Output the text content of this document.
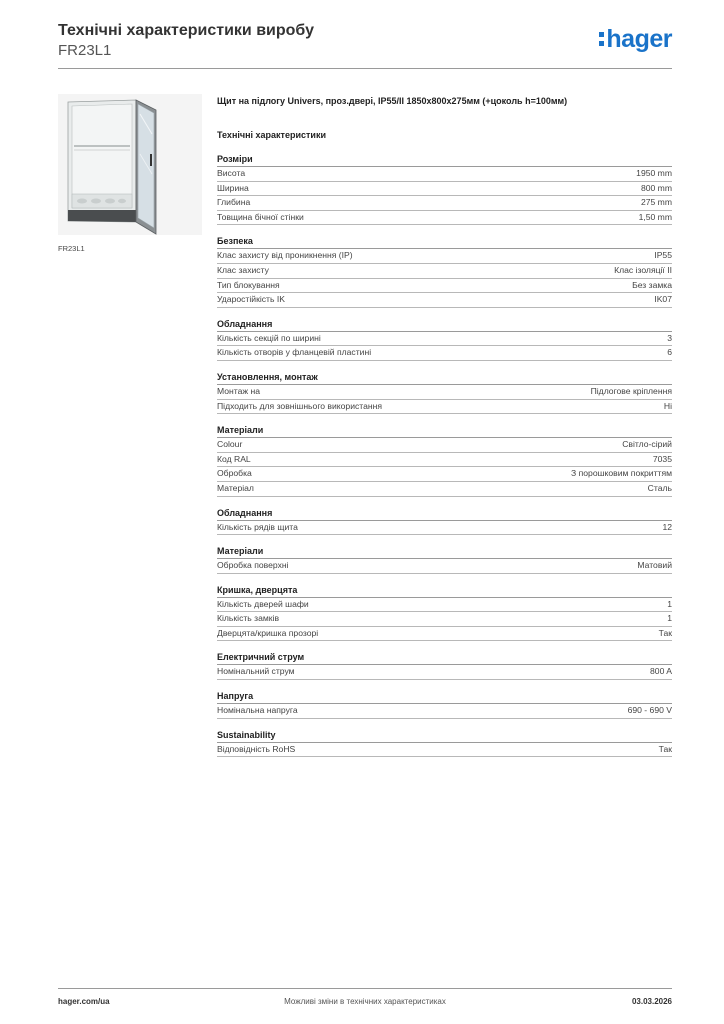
Технічні характеристики виробу
FR23L1	hager
FR23L1
Щит на підлогу Univers, проз.двері, IP55/II 1850x800x275мм (+цоколь h=100мм)
Технічні характеристики
Розміри
Висота	1950 mm
Ширина	800 mm
Глибина	275 mm
Товщина бічної стінки	1,50 mm
Безпека
Клас захисту від проникнення (IP)	IP55
Клас захисту	Клас ізоляції II
Тип блокування	Без замка
Ударостійкість IK	IK07
Обладнання
Кількість секцій по ширині	3
Кількість отворів у фланцевій пластині	6
Установлення, монтаж
Монтаж на	Підлогове кріплення
Підходить для зовнішнього використання	Ні
Матеріали
Colour	Світло-сірий
Код RAL	7035
Обробка	З порошковим покриттям
Матеріал	Сталь
Обладнання
Кількість рядів щита	12
Матеріали
Обробка поверхні	Матовий
Кришка, дверцята
Кількість дверей шафи	1
Кількість замків	1
Дверцята/кришка прозорі	Так
Електричний струм
Номінальний струм	800 A
Напруга
Номінальна напруга	690 - 690 V
Sustainability
Відповідність RoHS	Так
hager.com/ua	Можливі зміни в технічних характеристиках	03.03.2026
